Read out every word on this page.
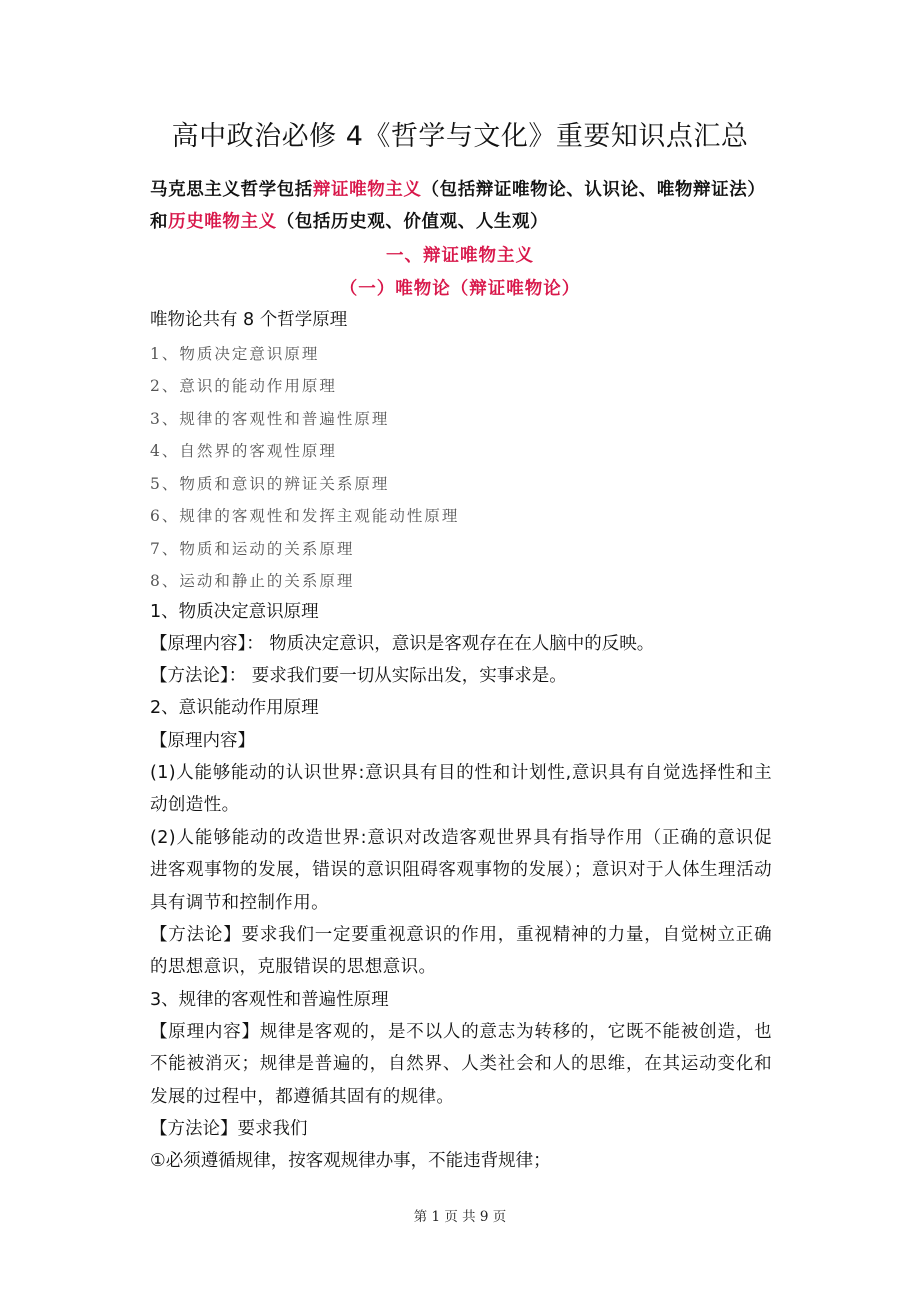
高中政治必修 4《哲学与文化》重要知识点汇总
马克思主义哲学包括辩证唯物主义（包括辩证唯物论、认识论、唯物辩证法）和历史唯物主义（包括历史观、价值观、人生观）
一、辩证唯物主义
（一）唯物论（辩证唯物论）
唯物论共有 8 个哲学原理
1、物质决定意识原理
2、意识的能动作用原理
3、规律的客观性和普遍性原理
4、自然界的客观性原理
5、物质和意识的辨证关系原理
6、规律的客观性和发挥主观能动性原理
7、物质和运动的关系原理
8、运动和静止的关系原理
1、物质决定意识原理
【原理内容】： 物质决定意识，意识是客观存在在人脑中的反映。
【方法论】： 要求我们要一切从实际出发，实事求是。
2、意识能动作用原理
【原理内容】
(1)人能够能动的认识世界:意识具有目的性和计划性,意识具有自觉选择性和主动创造性。
(2)人能够能动的改造世界:意识对改造客观世界具有指导作用（正确的意识促进客观事物的发展，错误的意识阻碍客观事物的发展）；意识对于人体生理活动具有调节和控制作用。
【方法论】要求我们一定要重视意识的作用，重视精神的力量，自觉树立正确的思想意识，克服错误的思想意识。
3、规律的客观性和普遍性原理
【原理内容】规律是客观的，是不以人的意志为转移的，它既不能被创造，也不能被消灭；规律是普遍的，自然界、人类社会和人的思维，在其运动变化和发展的过程中，都遵循其固有的规律。
【方法论】要求我们
①必须遵循规律，按客观规律办事，不能违背规律；
第 1 页 共 9 页
